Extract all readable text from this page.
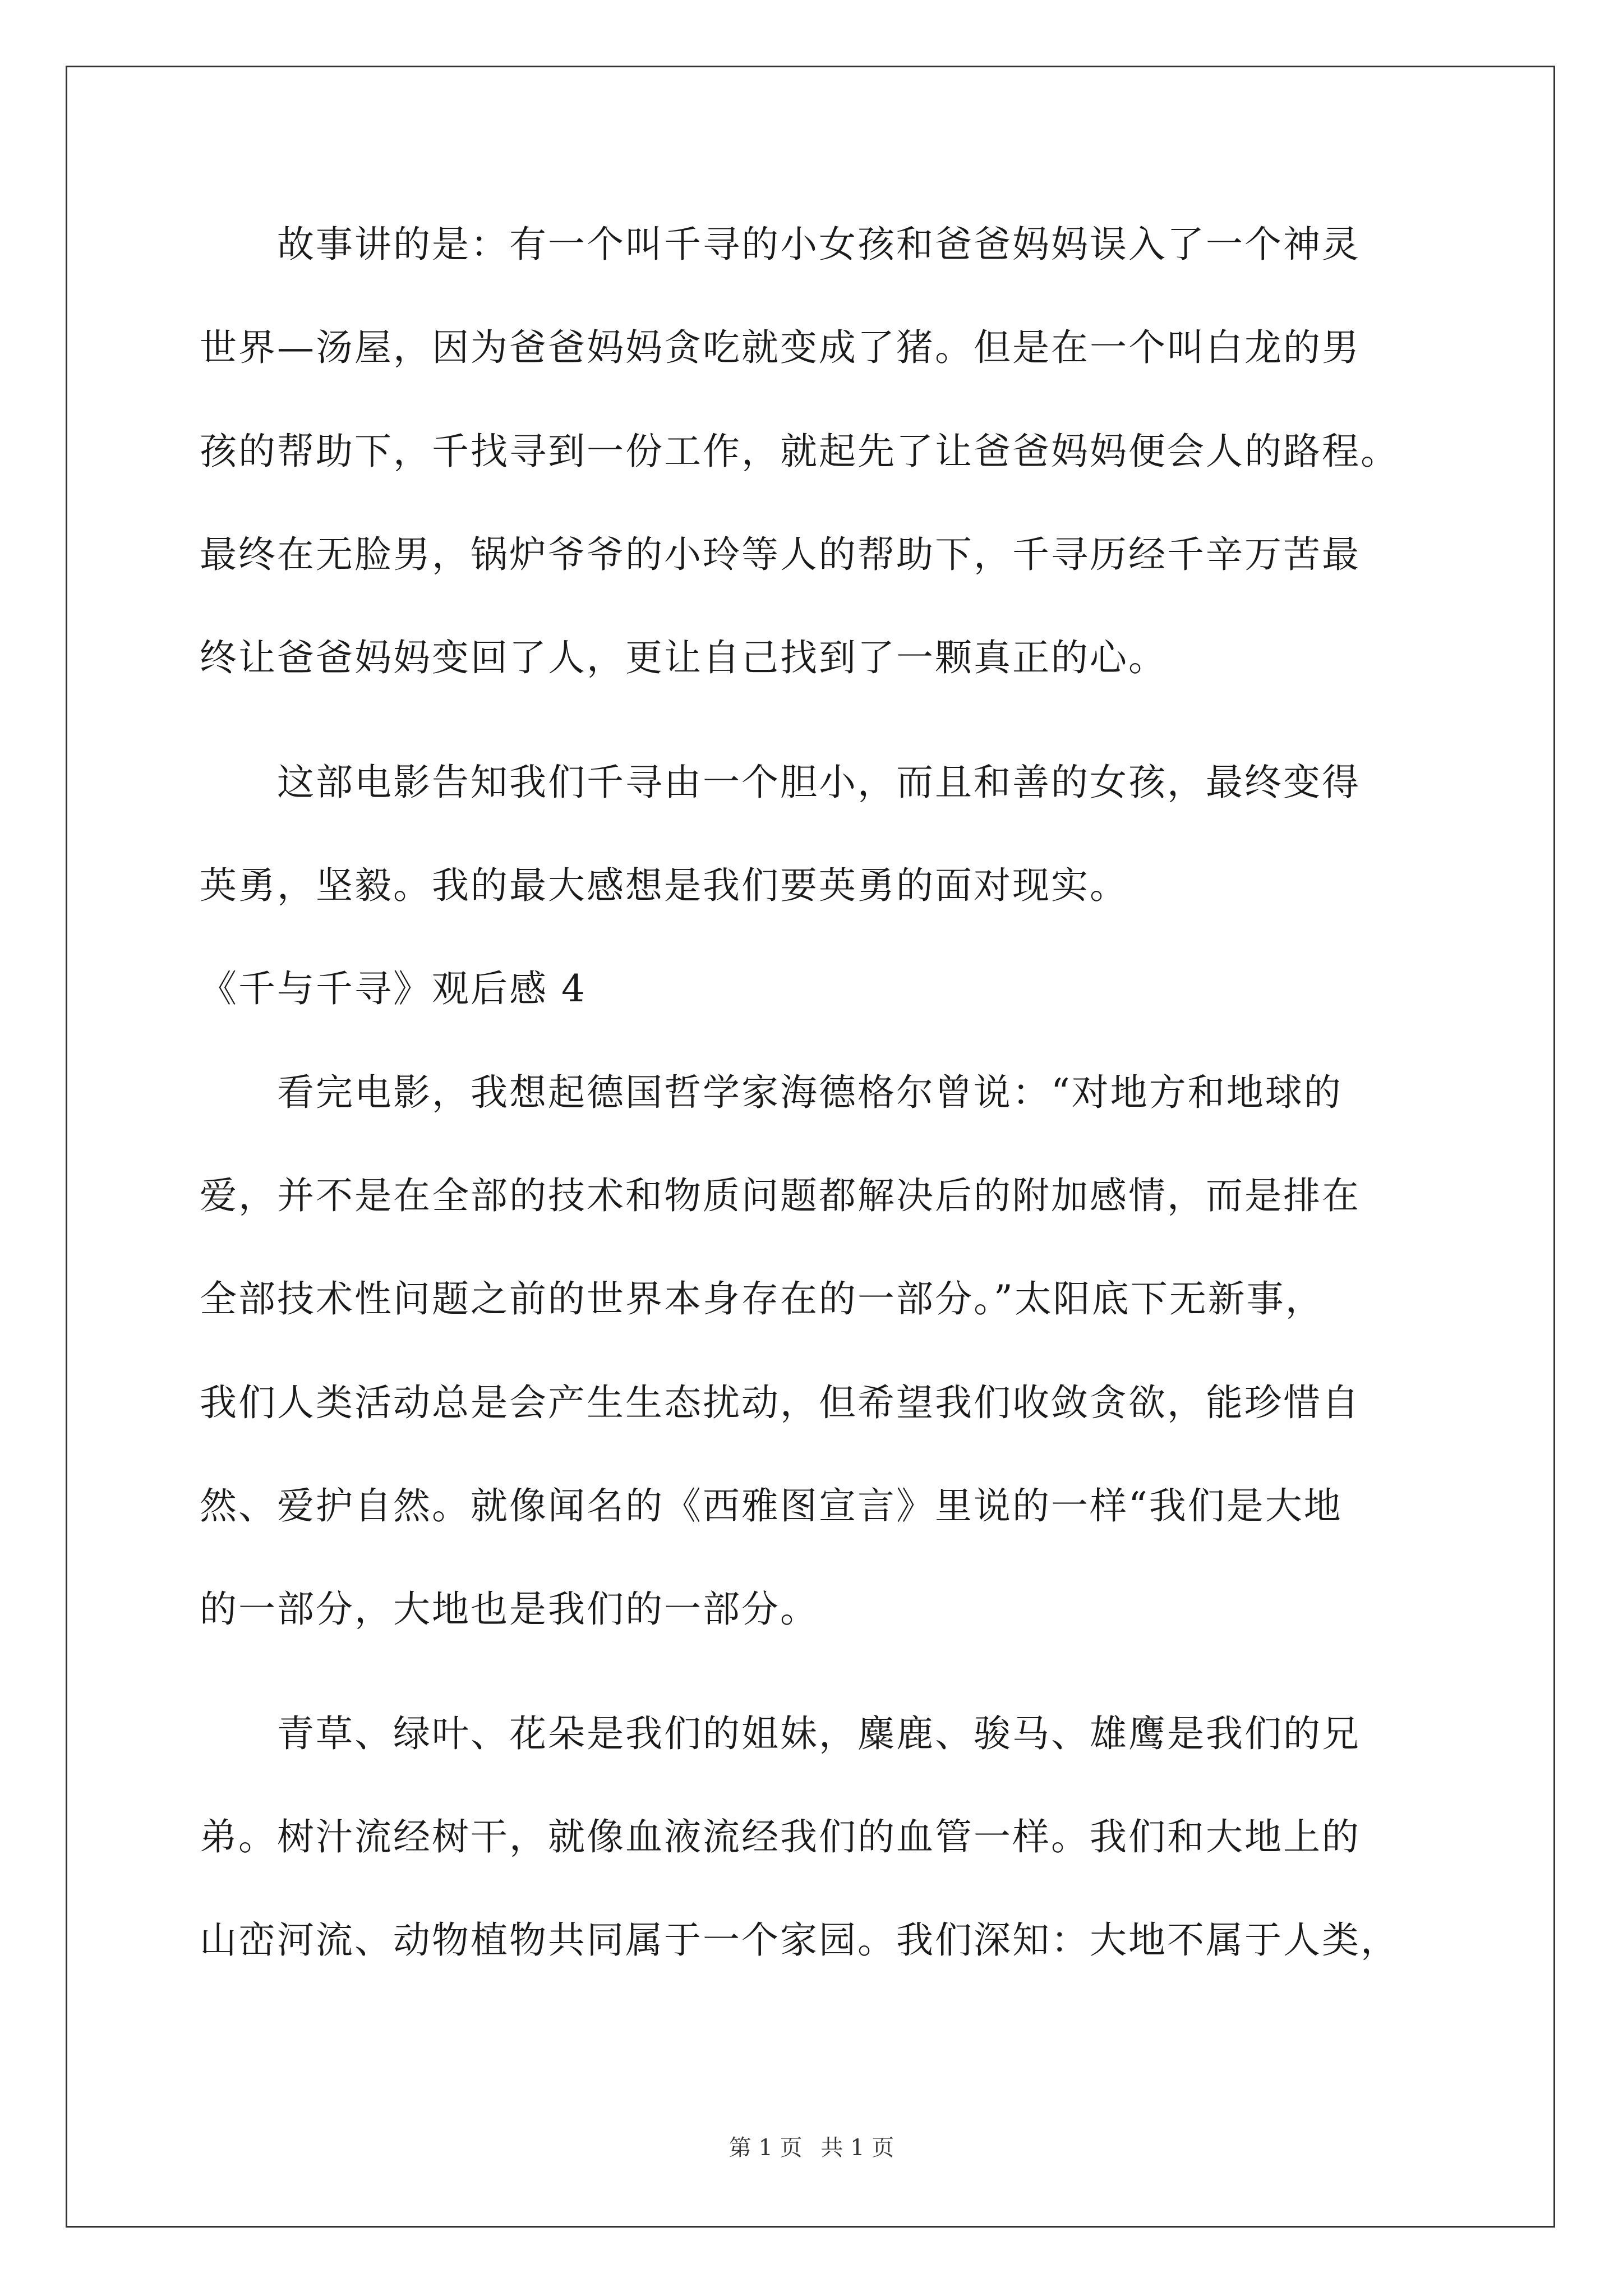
　　故事讲的是：有一个叫千寻的小女孩和爸爸妈妈误入了一个神灵
世界—汤屋，因为爸爸妈妈贪吃就变成了猪。但是在一个叫白龙的男
孩的帮助下，千找寻到一份工作，就起先了让爸爸妈妈便会人的路程。
最终在无脸男，锅炉爷爷的小玲等人的帮助下，千寻历经千辛万苦最
终让爸爸妈妈变回了人，更让自己找到了一颗真正的心。
　　这部电影告知我们千寻由一个胆小，而且和善的女孩，最终变得
英勇，坚毅。我的最大感想是我们要英勇的面对现实。
《千与千寻》观后感 4
　　看完电影，我想起德国哲学家海德格尔曾说：“对地方和地球的
爱，并不是在全部的技术和物质问题都解决后的附加感情，而是排在
全部技术性问题之前的世界本身存在的一部分。”太阳底下无新事，
我们人类活动总是会产生生态扰动，但希望我们收敛贪欲，能珍惜自
然、爱护自然。就像闻名的《西雅图宣言》里说的一样“我们是大地
的一部分，大地也是我们的一部分。
　　青草、绿叶、花朵是我们的姐妹，麋鹿、骏马、雄鹰是我们的兄
弟。树汁流经树干，就像血液流经我们的血管一样。我们和大地上的
山峦河流、动物植物共同属于一个家园。我们深知：大地不属于人类，
第 1 页 共 1 页
